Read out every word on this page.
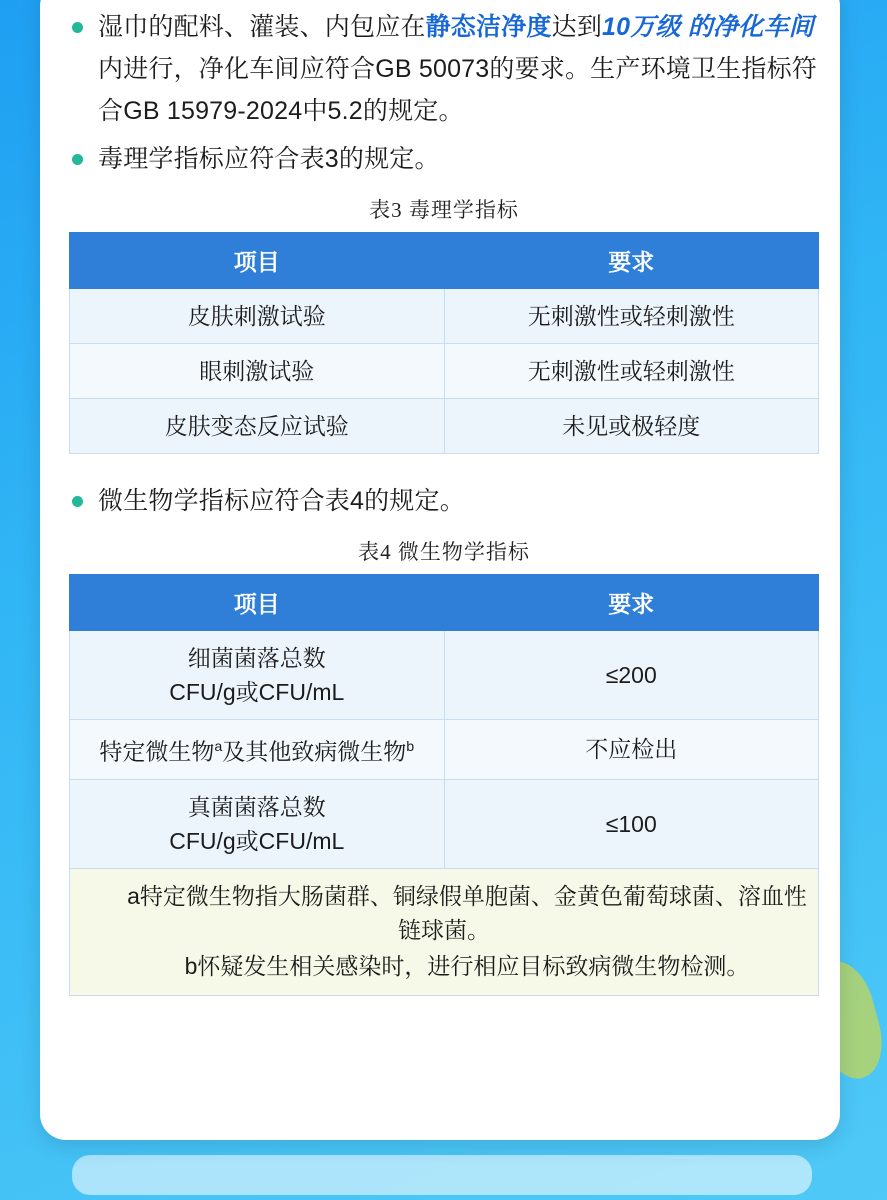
湿巾的配料、灌装、内包应在静态洁净度达到10万级 的净化车间内进行，净化车间应符合GB 50073的要求。生产环境卫生指标符合GB 15979-2024中5.2的规定。
毒理学指标应符合表3的规定。
表3 毒理学指标
项目	要求
皮肤刺激试验	无刺激性或轻刺激性
眼刺激试验	无刺激性或轻刺激性
皮肤变态反应试验	未见或极轻度
微生物学指标应符合表4的规定。
表4 微生物学指标
项目	要求
细菌菌落总数
CFU/g或CFU/mL	≤200
特定微生物$^a$及其他致病微生物$^b$	不应检出
真菌菌落总数
CFU/g或CFU/mL	≤100

a特定微生物指大肠菌群、铜绿假单胞菌、金黄色葡萄球菌、溶血性链球菌。

b怀疑发生相关感染时，进行相应目标致病微生物检测。	
